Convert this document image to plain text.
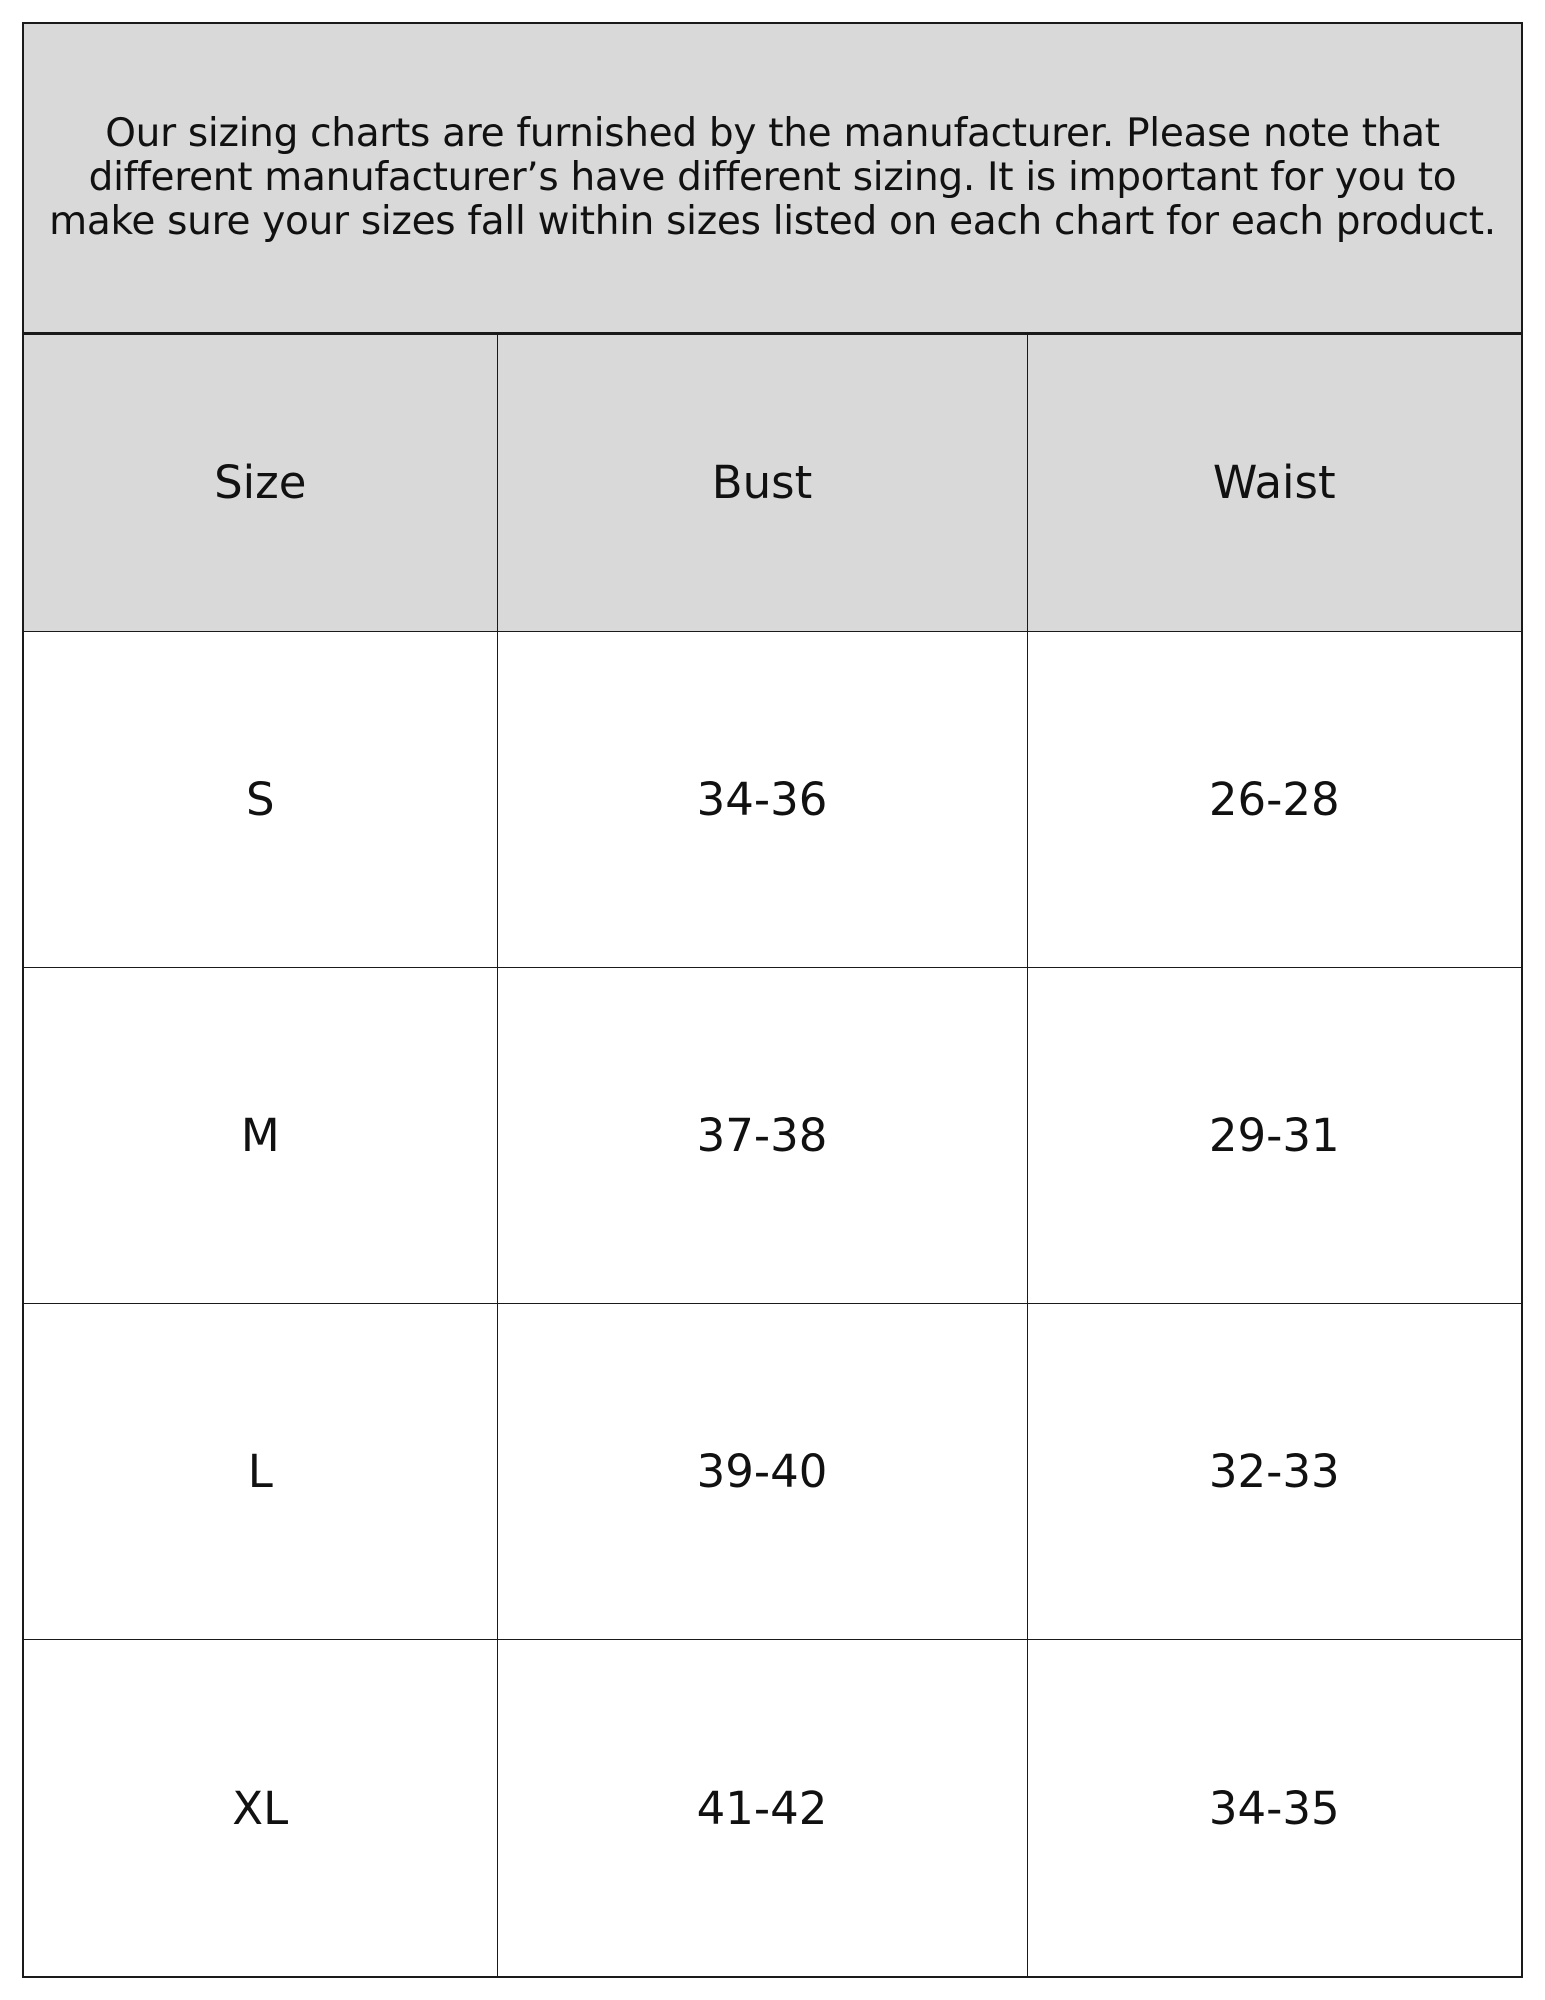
Our sizing charts are furnished by the manufacturer. Please note that
different manufacturer’s have different sizing. It is important for you to
make sure your sizes fall within sizes listed on each chart for each product.

Size	Bust	Waist
S	34-36	26-28
M	37-38	29-31
L	39-40	32-33
XL	41-42	34-35
